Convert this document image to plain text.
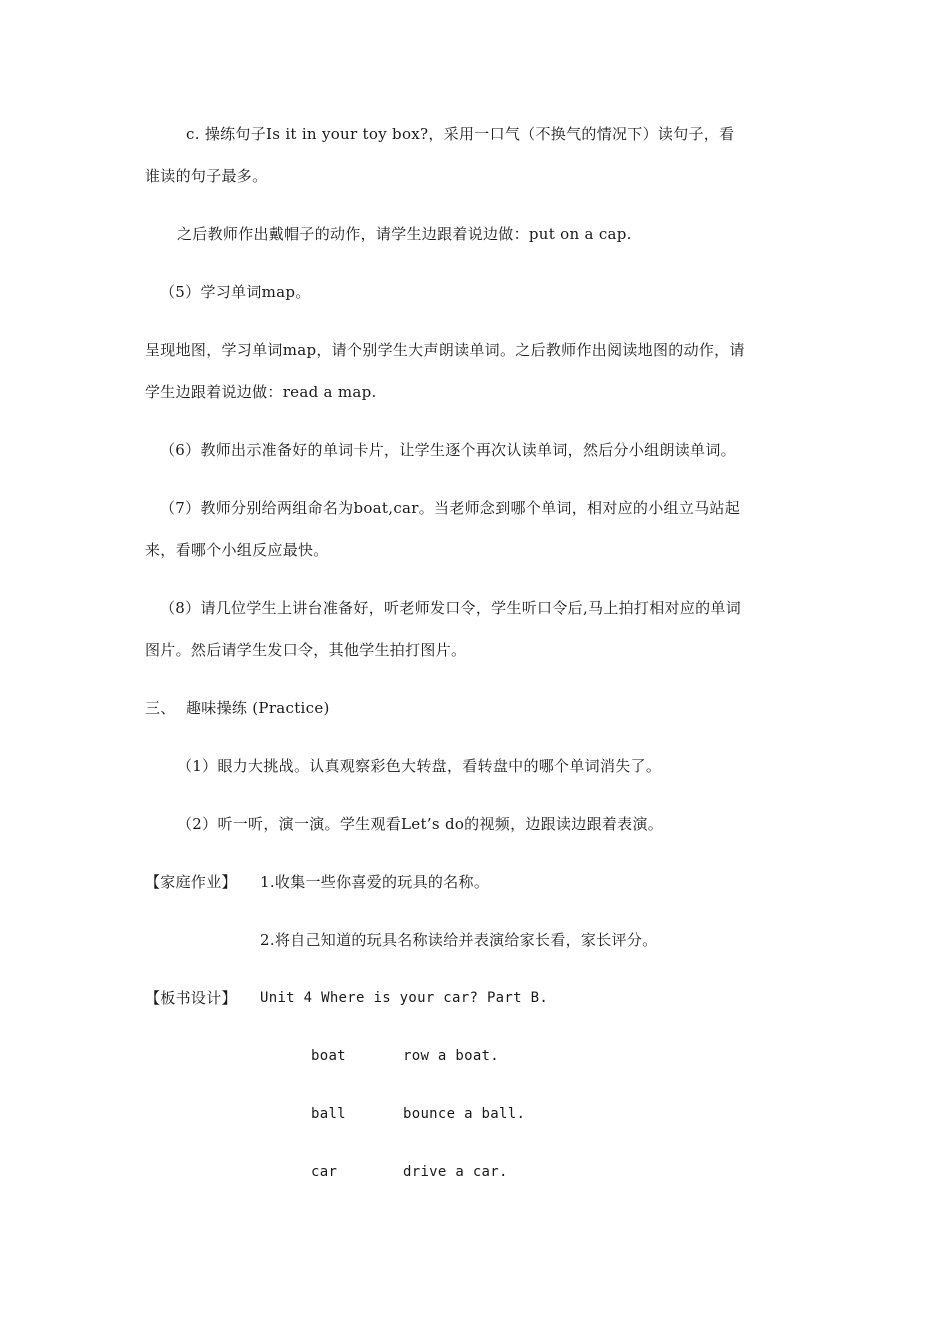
c. 操练句子Is it in your toy box?，采用一口气（不换气的情况下）读句子，看
谁读的句子最多。
之后教师作出戴帽子的动作，请学生边跟着说边做：put on a cap.
（5）学习单词map。
呈现地图，学习单词map，请个别学生大声朗读单词。之后教师作出阅读地图的动作，请
学生边跟着说边做：read a map.
（6）教师出示准备好的单词卡片，让学生逐个再次认读单词，然后分小组朗读单词。
（7）教师分别给两组命名为boat,car。当老师念到哪个单词，相对应的小组立马站起
来，看哪个小组反应最快。
（8）请几位学生上讲台准备好，听老师发口令，学生听口令后,马上拍打相对应的单词
图片。然后请学生发口令，其他学生拍打图片。
三、 趣味操练 (Practice)
（1）眼力大挑战。认真观察彩色大转盘，看转盘中的哪个单词消失了。
（2）听一听，演一演。学生观看Let’s do的视频，边跟读边跟着表演。
【家庭作业】 1.收集一些你喜爱的玩具的名称。
2.将自己知道的玩具名称读给并表演给家长看，家长评分。
【板书设计】 Unit 4 Where is your car? Part B.
boat	row a boat.
ball	bounce a ball.
car	drive a car.
